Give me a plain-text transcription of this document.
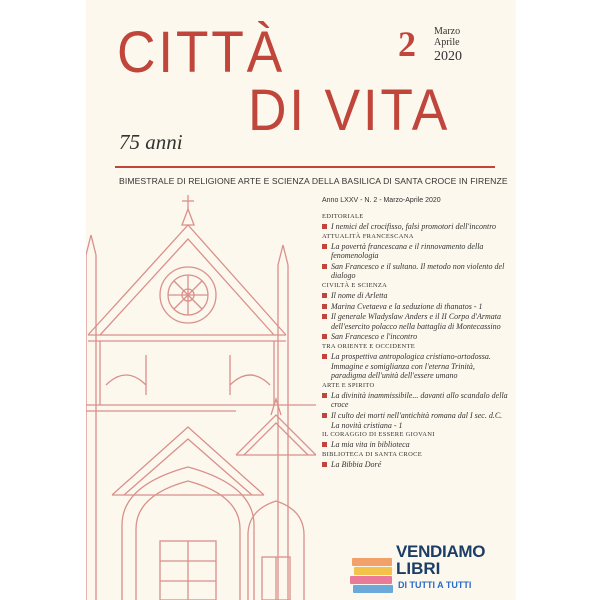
CITTÀ
DI VITA
75 anni
2 Marzo
Aprile
2020
BIMESTRALE DI RELIGIONE ARTE E SCIENZA DELLA BASILICA DI SANTA CROCE IN FIRENZE
Anno LXXV - N. 2 - Marzo-Aprile 2020
EDITORIALE
I nemici del crocifisso, falsi promotori dell'incontro
ATTUALITÀ FRANCESCANA
La povertà francescana e il rinnovamento della fenomenologia
San Francesco e il sultano. Il metodo non violento del dialogo
CIVILTÀ E SCIENZA
Il nome di Arletta
Marina Cvetaeva e la seduzione di thanatos - 1
Il generale Wladyslaw Anders e il II Corpo d'Armata dell'esercito polacco nella battaglia di Montecassino
San Francesco e l'incontro
TRA ORIENTE E OCCIDENTE
La prospettiva antropologica cristiano-ortodossa. Immagine e somiglianza con l'eterna Trinità, paradigma dell'unità dell'essere umano
ARTE E SPIRITO
La divinità inammissibile... davanti allo scandalo della croce
Il culto dei morti nell'antichità romana dal I sec. d.C. La novità cristiana - 1
IL CORAGGIO DI ESSERE GIOVANI
La mia vita in biblioteca
BIBLIOTECA DI SANTA CROCE
La Bibbia Doré
VENDIAMO
LIBRI
DI TUTTI A TUTTI
